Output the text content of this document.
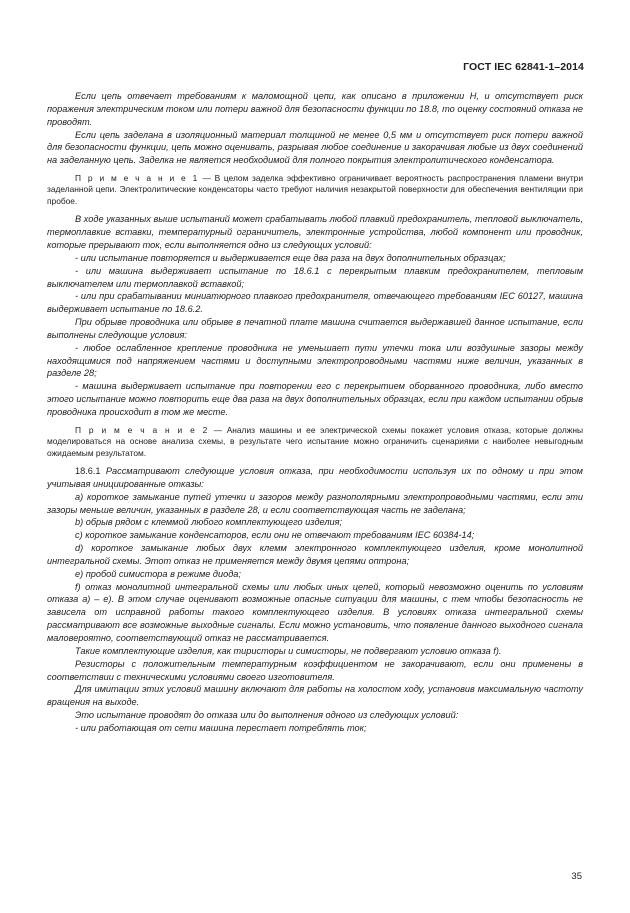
ГОСТ IEC 62841-1–2014

Если цепь отвечает требованиям к маломощной цепи, как описано в приложении Н, и отсутствует риск поражения электрическим током или потери важной для безопасности функции по 18.8, то оценку состояний отказа не проводят.

Если цепь заделана в изоляционный материал толщиной не менее 0,5 мм и отсутствует риск потери важной для безопасности функции, цепь можно оценивать, разрывая любое соединение и закорачивая любые из двух соединений на заделанную цепь. Заделка не является необходимой для полного покрытия электролитического конденсатора.

П р и м е ч а н и е 1 — В целом заделка эффективно ограничивает вероятность распространения пламени внутри заделанной цепи. Электролитические конденсаторы часто требуют наличия незакрытой поверхности для обеспечения вентиляции при пробое.

В ходе указанных выше испытаний может срабатывать любой плавкий предохранитель, тепловой выключатель, термоплавкие вставки, температурный ограничитель, электронные устройства, любой компонент или проводник, которые прерывают ток, если выполняется одно из следующих условий:

- или испытание повторяется и выдерживается еще два раза на двух дополнительных образцах;

- или машина выдерживает испытание по 18.6.1 с перекрытым плавким предохранителем, тепловым выключателем или термоплавкой вставкой;

- или при срабатывании миниатюрного плавкого предохранителя, отвечающего требованиям IEC 60127, машина выдерживает испытание по 18.6.2.

При обрыве проводника или обрыве в печатной плате машина считается выдержавшей данное испытание, если выполнены следующие условия:

- любое ослабленное крепление проводника не уменьшает пути утечки тока или воздушные зазоры между находящимися под напряжением частями и доступными электропроводными частями ниже величин, указанных в разделе 28;

- машина выдерживает испытание при повторении его с перекрытием оборванного проводника, либо вместо этого испытание можно повторить еще два раза на двух дополнительных образцах, если при каждом испытании обрыв проводника происходит в том же месте.

П р и м е ч а н и е 2 — Анализ машины и ее электрической схемы покажет условия отказа, которые должны моделироваться на основе анализа схемы, в результате чего испытание можно ограничить сценариями с наиболее невыгодным ожидаемым результатом.

18.6.1 Рассматривают следующие условия отказа, при необходимости используя их по одному и при этом учитывая инициированные отказы:

а) короткое замыкание путей утечки и зазоров между разнополярными электропроводными частями, если эти зазоры меньше величин, указанных в разделе 28, и если соответствующая часть не заделана;

b) обрыв рядом с клеммой любого комплектующего изделия;

c) короткое замыкание конденсаторов, если они не отвечают требованиям IEC 60384-14;

d) короткое замыкание любых двух клемм электронного комплектующего изделия, кроме монолитной интегральной схемы. Этот отказ не применяется между двумя цепями оптрона;

e) пробой симистора в режиме диода;

f) отказ монолитной интегральной схемы или любых иных цепей, который невозможно оценить по условиям отказа а) – е). В этом случае оценивают возможные опасные ситуации для машины, с тем чтобы безопасность не зависела от исправной работы такого комплектующего изделия. В условиях отказа интегральной схемы рассматривают все возможные выходные сигналы. Если можно установить, что появление данного выходного сигнала маловероятно, соответствующий отказ не рассматривается.

Такие комплектующие изделия, как тиристоры и симисторы, не подвергают условию отказа f).

Резисторы с положительным температурным коэффициентом не закорачивают, если они применены в соответствии с техническими условиями своего изготовителя.

Для имитации этих условий машину включают для работы на холостом ходу, установив максимальную частоту вращения на выходе.

Это испытание проводят до отказа или до выполнения одного из следующих условий:

- или работающая от сети машина перестает потреблять ток;

35
